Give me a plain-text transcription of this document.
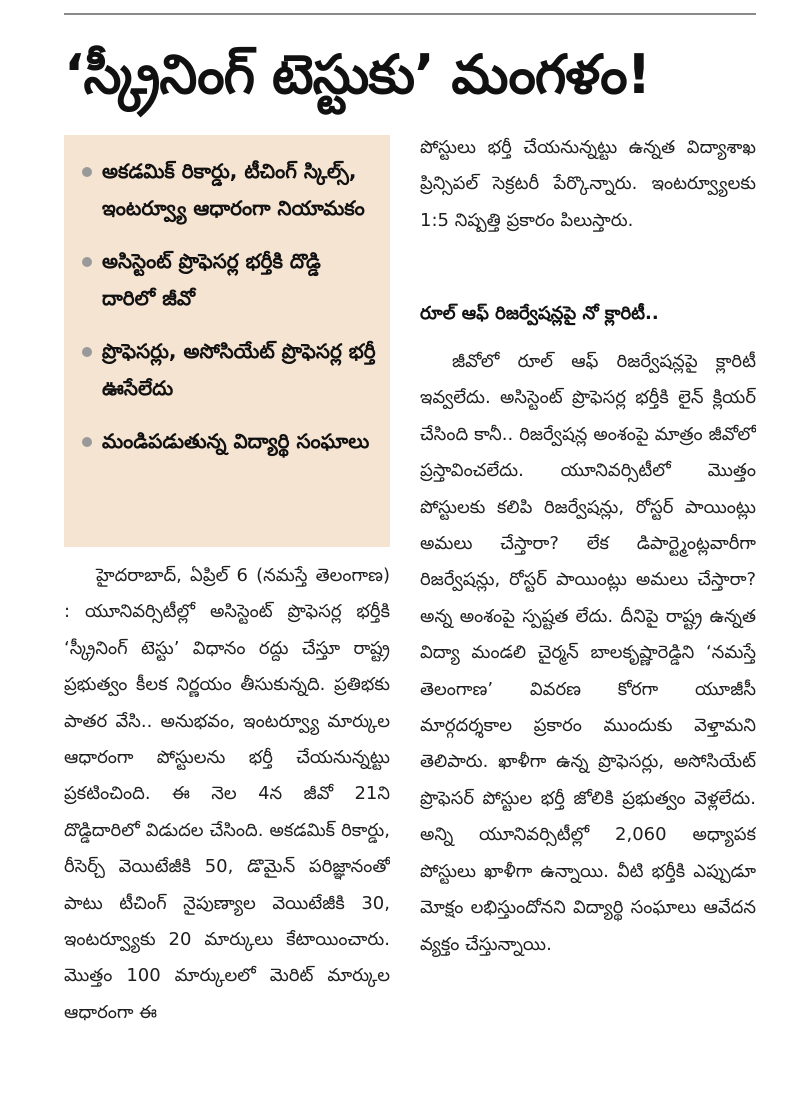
‘స్క్రీనింగ్ టెస్టుకు’ మంగళం!
అకడమిక్ రికార్డు, టీచింగ్ స్కిల్స్, ఇంటర్వ్యూ ఆధారంగా నియామకం
అసిస్టెంట్ ప్రొఫెసర్ల భర్తీకి దొడ్డి దారిలో జీవో
ప్రొఫెసర్లు, అసోసియేట్ ప్రొఫెసర్ల భర్తీ ఊసేలేదు
మండిపడుతున్న విద్యార్థి సంఘాలు
హైదరాబాద్, ఏప్రిల్ 6 (నమస్తే తెలంగాణ) : యూనివర్సిటీల్లో అసిస్టెంట్ ప్రొఫెసర్ల భర్తీకి ‘స్క్రీనింగ్ టెస్టు’ విధానం రద్దు చేస్తూ రాష్ట్ర ప్రభుత్వం కీలక నిర్ణయం తీసుకున్నది. ప్రతిభకు పాతర వేసి.. అనుభవం, ఇంటర్వ్యూ మార్కుల ఆధారంగా పోస్టులను భర్తీ చేయనున్నట్టు ప్రకటించింది. ఈ నెల 4న జీవో 21ని దొడ్డిదారిలో విడుదల చేసింది. అకడమిక్ రికార్డు, రీసెర్చ్ వెయిటేజీకి 50, డొమైన్ పరిజ్ఞానంతో పాటు టీచింగ్ నైపుణ్యాల వెయిటేజీకి 30, ఇంటర్వ్యూకు 20 మార్కులు కేటాయించారు. మొత్తం 100 మార్కులలో మెరిట్ మార్కుల ఆధారంగా ఈ
పోస్టులు భర్తీ చేయనున్నట్టు ఉన్నత విద్యాశాఖ ప్రిన్సిపల్ సెక్రటరీ పేర్కొన్నారు. ఇంటర్వ్యూలకు 1:5 నిష్పత్తి ప్రకారం పిలుస్తారు.
రూల్ ఆఫ్ రిజర్వేషన్లపై నో క్లారిటీ..
జీవోలో రూల్ ఆఫ్ రిజర్వేషన్లపై క్లారిటీ ఇవ్వలేదు. అసిస్టెంట్ ప్రొఫెసర్ల భర్తీకి లైన్ క్లియర్ చేసింది కానీ.. రిజర్వేషన్ల అంశంపై మాత్రం జీవోలో ప్రస్తావించలేదు. యూనివర్సిటీలో మొత్తం పోస్టులకు కలిపి రిజర్వేషన్లు, రోస్టర్ పాయింట్లు అమలు చేస్తారా? లేక డిపార్ట్మెంట్లవారీగా రిజర్వేషన్లు, రోస్టర్ పాయింట్లు అమలు చేస్తారా? అన్న అంశంపై స్పష్టత లేదు. దీనిపై రాష్ట్ర ఉన్నత విద్యా మండలి చైర్మన్ బాలకృష్ణారెడ్డిని ‘నమస్తే తెలంగాణ’ వివరణ కోరగా యూజీసీ మార్గదర్శకాల ప్రకారం ముందుకు వెళ్తామని తెలిపారు. ఖాళీగా ఉన్న ప్రొఫెసర్లు, అసోసియేట్ ప్రొఫెసర్ పోస్టుల భర్తీ జోలికి ప్రభుత్వం వెళ్లలేదు. అన్ని యూనివర్సిటీల్లో 2,060 అధ్యాపక పోస్టులు ఖాళీగా ఉన్నాయి. వీటి భర్తీకి ఎప్పుడూ మోక్షం లభిస్తుందోనని విద్యార్థి సంఘాలు ఆవేదన వ్యక్తం చేస్తున్నాయి.
